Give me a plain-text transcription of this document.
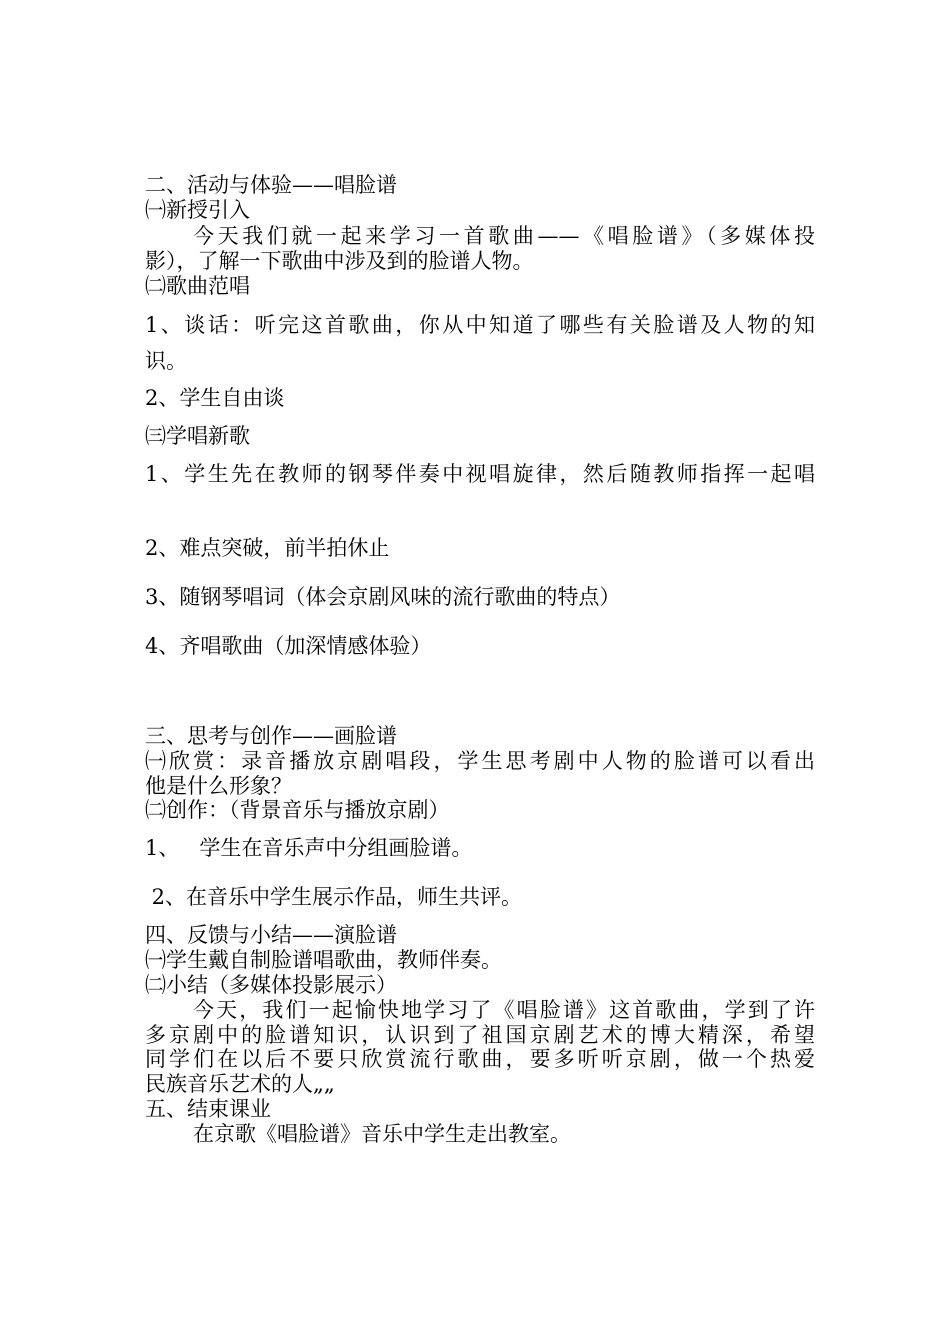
二、活动与体验——唱脸谱
㈠新授引入
今天我们就一起来学习一首歌曲——《唱脸谱》（多媒体投
影），了解一下歌曲中涉及到的脸谱人物。
㈡歌曲范唱
1、谈话：听完这首歌曲，你从中知道了哪些有关脸谱及人物的知
识。
2、学生自由谈
㈢学唱新歌
1、学生先在教师的钢琴伴奏中视唱旋律，然后随教师指挥一起唱
2、难点突破，前半拍休止
3、随钢琴唱词（体会京剧风味的流行歌曲的特点）
4、齐唱歌曲（加深情感体验）
三、思考与创作——画脸谱
㈠欣赏：录音播放京剧唱段，学生思考剧中人物的脸谱可以看出
他是什么形象？
㈡创作：（背景音乐与播放京剧）
1、   学生在音乐声中分组画脸谱。
2、在音乐中学生展示作品，师生共评。
四、反馈与小结——演脸谱
㈠学生戴自制脸谱唱歌曲，教师伴奏。
㈡小结（多媒体投影展示）
今天，我们一起愉快地学习了《唱脸谱》这首歌曲，学到了许
多京剧中的脸谱知识，认识到了祖国京剧艺术的博大精深，希望
同学们在以后不要只欣赏流行歌曲，要多听听京剧，做一个热爱
民族音乐艺术的人„„
五、结束课业
在京歌《唱脸谱》音乐中学生走出教室。
